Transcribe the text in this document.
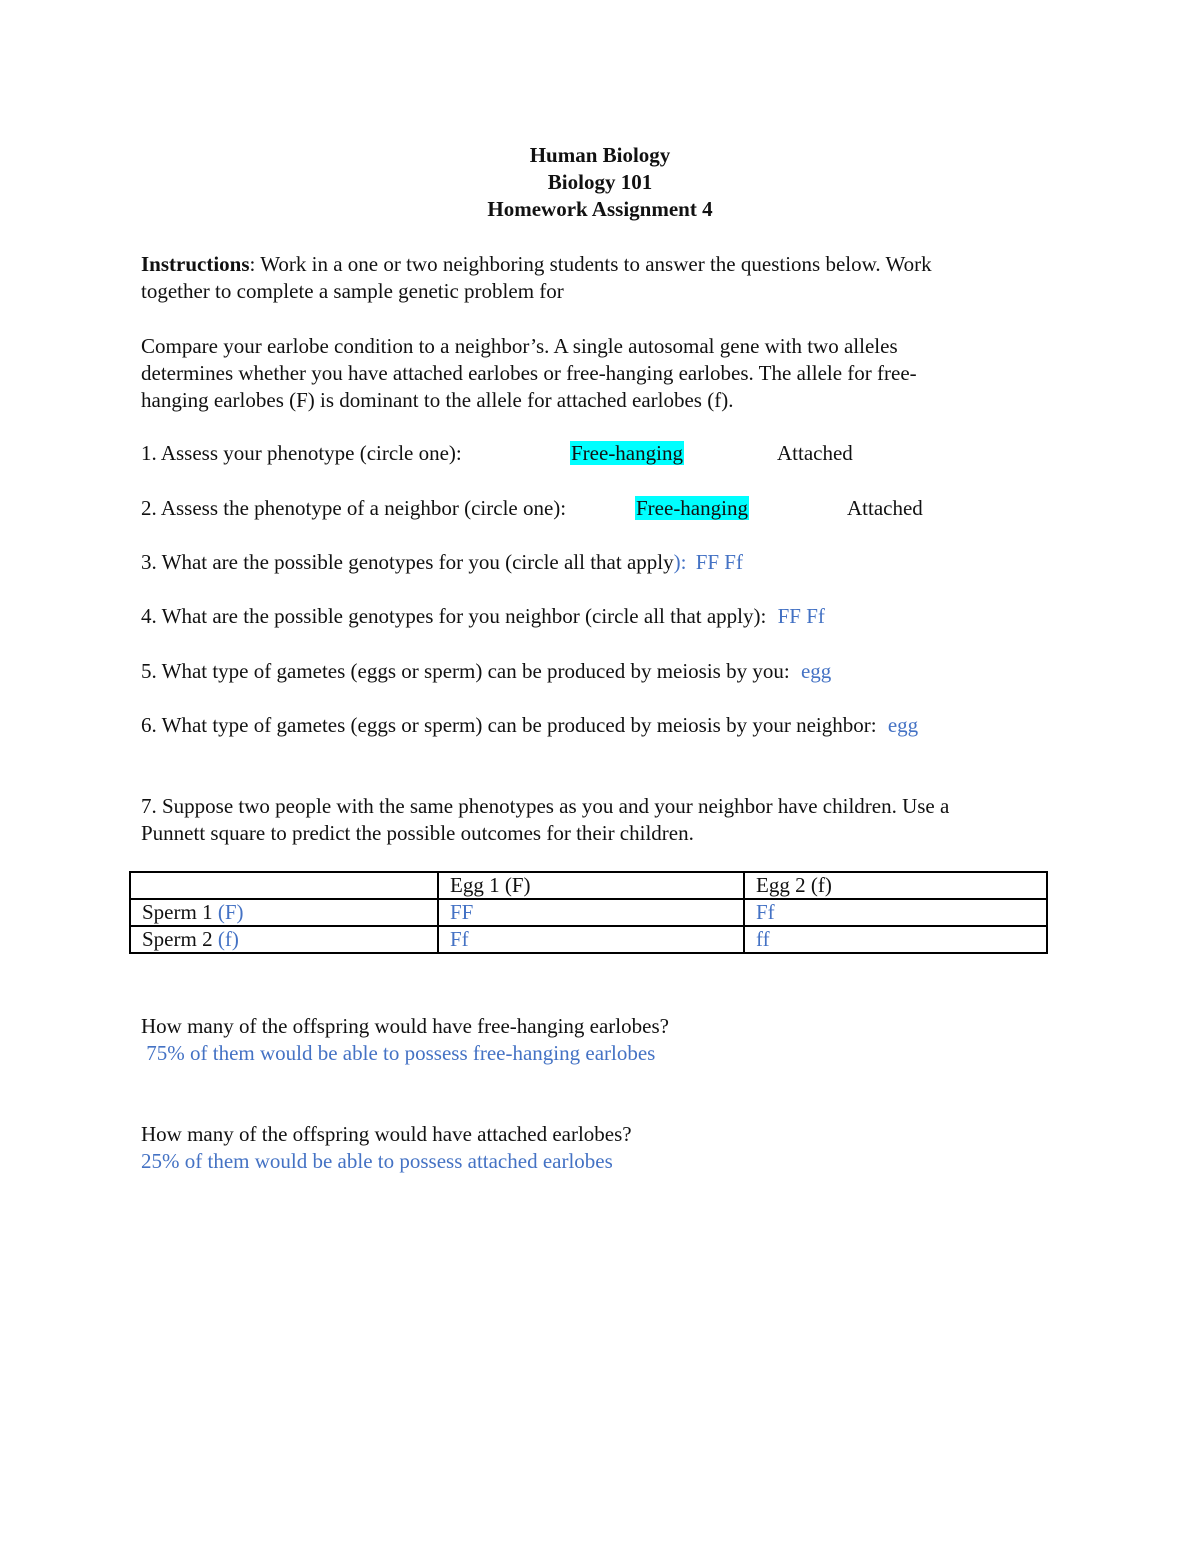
Human Biology
Biology 101
Homework Assignment 4
Instructions: Work in a one or two neighboring students to answer the questions below. Work
together to complete a sample genetic problem for
Compare your earlobe condition to a neighbor’s. A single autosomal gene with two alleles
determines whether you have attached earlobes or free-hanging earlobes. The allele for free-
hanging earlobes (F) is dominant to the allele for attached earlobes (f).
1. Assess your phenotype (circle one):	Free-hanging	Attached
2. Assess the phenotype of a neighbor (circle one):	Free-hanging	Attached
3. What are the possible genotypes for you (circle all that apply): FF Ff
4. What are the possible genotypes for you neighbor (circle all that apply): FF Ff
5. What type of gametes (eggs or sperm) can be produced by meiosis by you: egg
6. What type of gametes (eggs or sperm) can be produced by meiosis by your neighbor: egg
7. Suppose two people with the same phenotypes as you and your neighbor have children. Use a
Punnett square to predict the possible outcomes for their children.
	Egg 1 (F)	Egg 2 (f)
Sperm 1 (F)	FF	Ff
Sperm 2 (f)	Ff	ff
How many of the offspring would have free-hanging earlobes?
75% of them would be able to possess free-hanging earlobes
How many of the offspring would have attached earlobes?
25% of them would be able to possess attached earlobes
